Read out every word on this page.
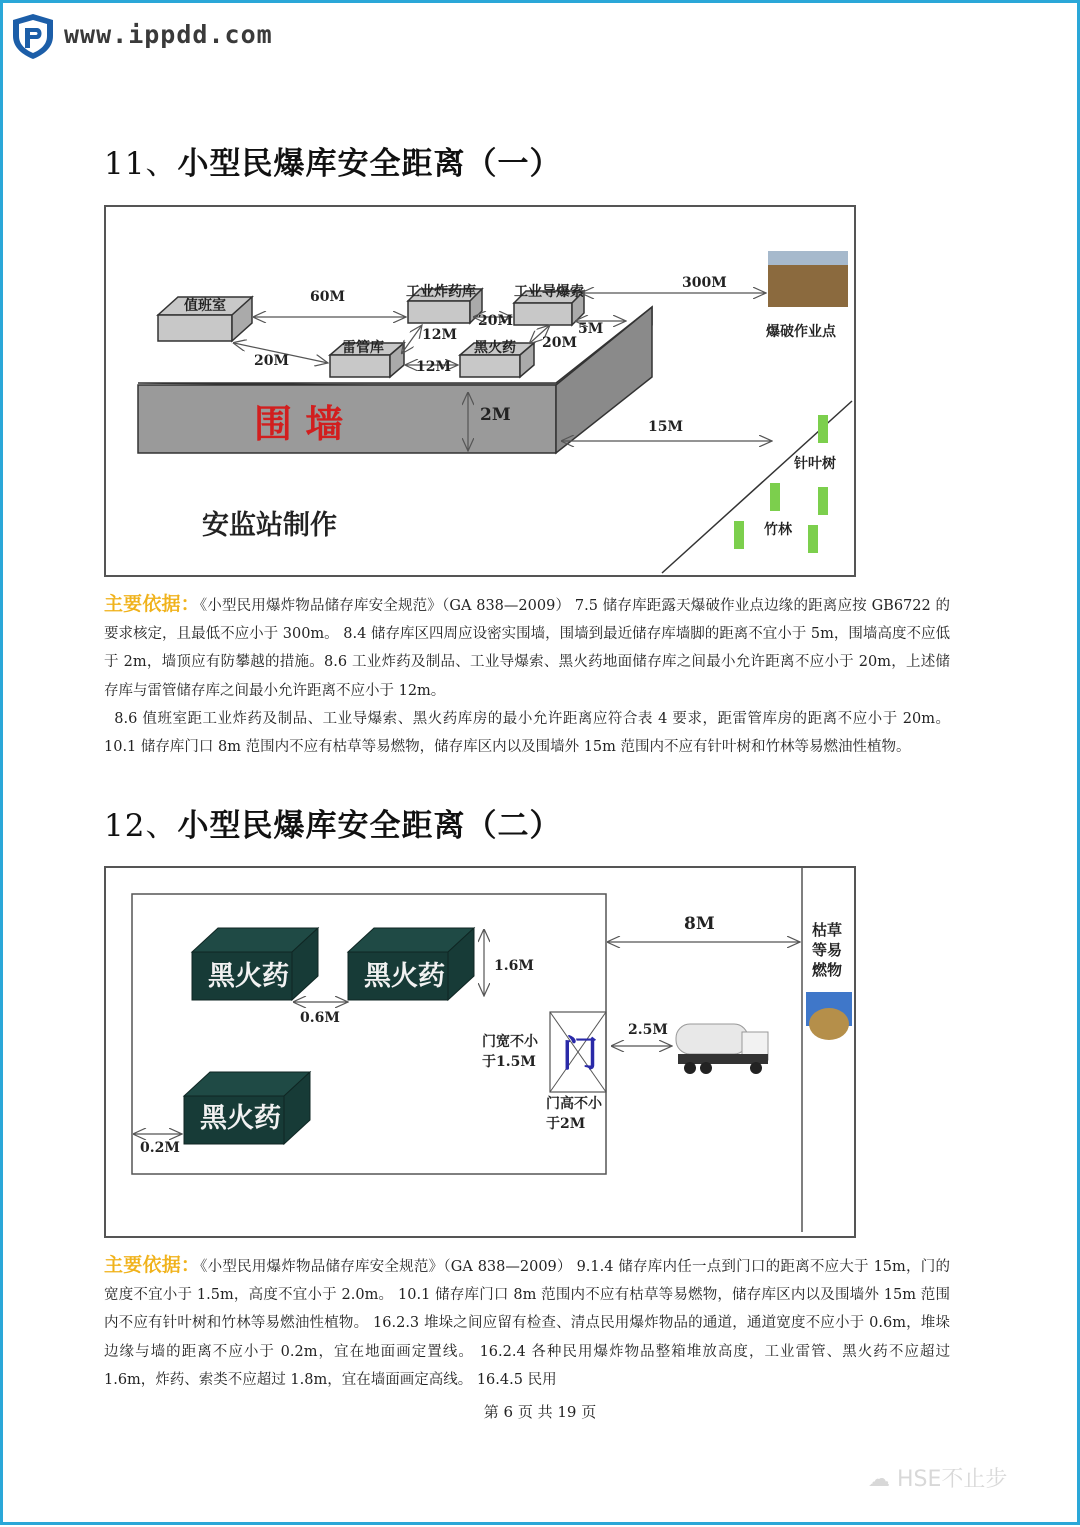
www.ippdd.com
11、小型民爆库安全距离（一）
值班室
工业炸药库	工业导爆索
雷管库	黑火药
60M
20M
20M
12M
12M
20M
5M
300M
爆破作业点
围 墙	2M
15M
针叶树
竹林
安监站制作
主要依据：《小型民用爆炸物品储存库安全规范》（GA 838—2009） 7.5 储存库距露天爆破作业点边缘的距离应按 GB6722 的要求核定，且最低不应小于 300m。 8.4 储存库区四周应设密实围墙，围墙到最近储存库墙脚的距离不宜小于 5m，围墙高度不应低于 2m，墙顶应有防攀越的措施。8.6 工业炸药及制品、工业导爆索、黑火药地面储存库之间最小允许距离不应小于 20m，上述储存库与雷管储存库之间最小允许距离不应小于 12m。
8.6 值班室距工业炸药及制品、工业导爆索、黑火药库房的最小允许距离应符合表 4 要求，距雷管库房的距离不应小于 20m。10.1 储存库门口 8m 范围内不应有枯草等易燃物，储存库区内以及围墙外 15m 范围内不应有针叶树和竹林等易燃油性植物。
12、小型民爆库安全距离（二）
黑火药	黑火药
黑火药
0.6M
1.6M
0.2M
门
门宽不小于1.5M
门高不小于2M
2.5M
8M	枯草等易燃物
主要依据：《小型民用爆炸物品储存库安全规范》（GA 838—2009） 9.1.4 储存库内任一点到门口的距离不应大于 15m，门的宽度不宜小于 1.5m，高度不宜小于 2.0m。 10.1 储存库门口 8m 范围内不应有枯草等易燃物，储存库区内以及围墙外 15m 范围内不应有针叶树和竹林等易燃油性植物。 16.2.3 堆垛之间应留有检查、清点民用爆炸物品的通道，通道宽度不应小于 0.6m，堆垛边缘与墙的距离不应小于 0.2m，宜在地面画定置线。 16.2.4 各种民用爆炸物品整箱堆放高度，工业雷管、黑火药不应超过 1.6m，炸药、索类不应超过 1.8m，宜在墙面画定高线。 16.4.5 民用
第 6 页 共 19 页
☁ HSE不止步
